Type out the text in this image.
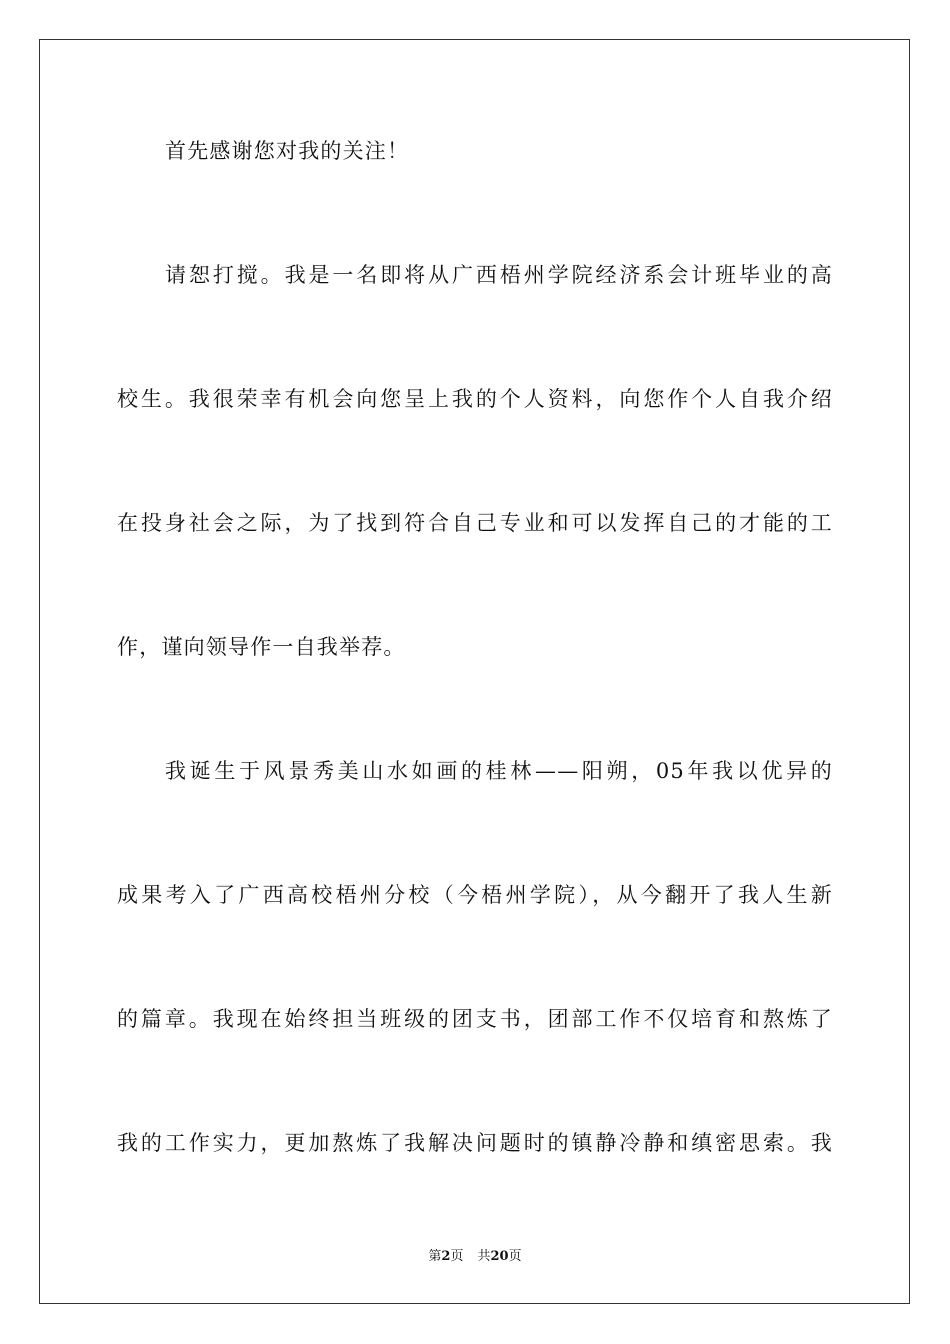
首先感谢您对我的关注！
请恕打搅。我是一名即将从广西梧州学院经济系会计班毕业的高
校生。我很荣幸有机会向您呈上我的个人资料，向您作个人自我介绍
在投身社会之际，为了找到符合自己专业和可以发挥自己的才能的工
作，谨向领导作一自我举荐。
我诞生于风景秀美山水如画的桂林——阳朔，05年我以优异的
成果考入了广西高校梧州分校（今梧州学院），从今翻开了我人生新
的篇章。我现在始终担当班级的团支书，团部工作不仅培育和熬炼了
我的工作实力，更加熬炼了我解决问题时的镇静冷静和缜密思索。我
第2页 共20页
